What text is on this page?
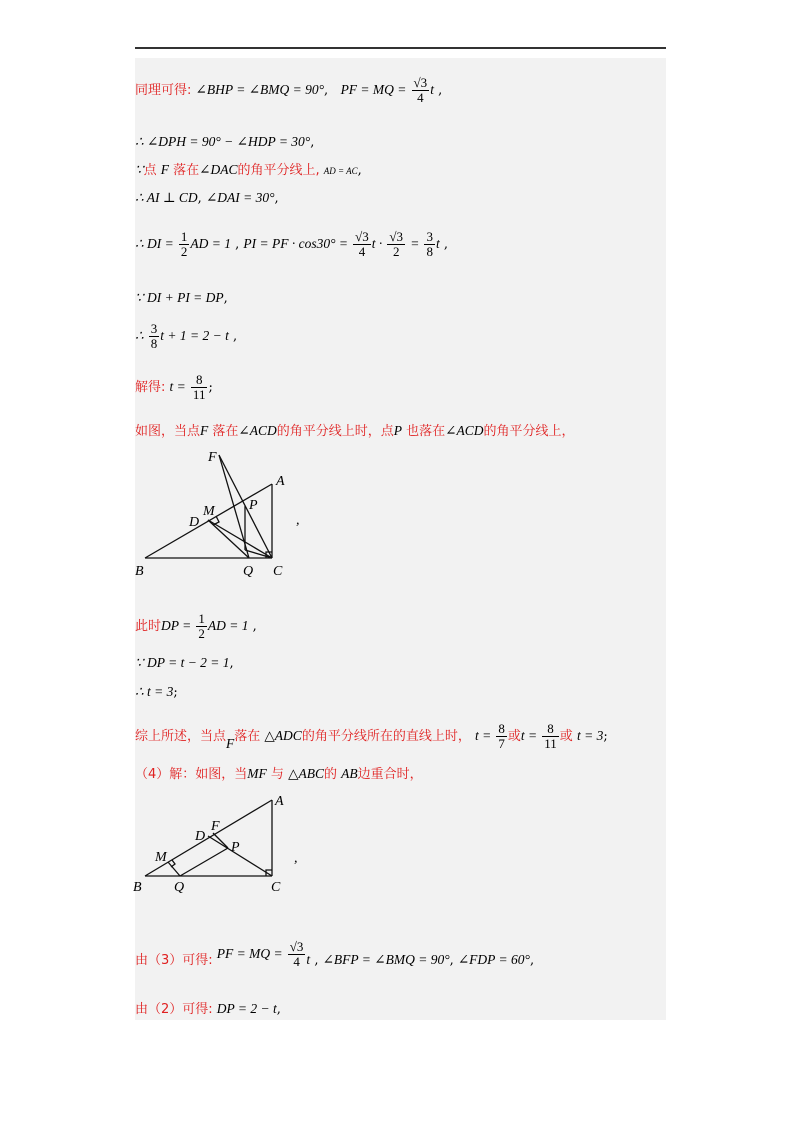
同理可得: ∠BHP = ∠BMQ = 90°, PF = MQ = $\frac{√3}{4}$ t ,
∴ ∠DPH = 90° − ∠HDP = 30°,
∵点 F 落在∠DAC的角平分线上, AD = AC,
∴ AI ⊥ CD, ∠DAI = 30°,
∴ DI = $\frac{1}{2}$ AD = 1 , PI = PF · $\cos 30^\circ = \frac{√3}{4}$ $t \cdot \frac{√3}{2} = \frac{3}{8}$ t ,
∵ DI + PI = DP,
∴ $\frac{3}{8}$ t + 1 = 2 − t ,
解得: $t = \frac{8}{11}$ ;
如图，当点F 落在∠ACD的角平分线上时，点P 也落在∠ACD的角平分线上，
F
A
M P
D
B	Q C
,
此时DP = $\frac{1}{2}$ AD = 1 ,
∵ DP = t − 2 = 1,
∴ t = 3;
综上所述，当点F落在 △ADC的角平分线所在的直线上时， $t = \frac{8}{7}$ 或$t = \frac{8}{11}$ 或 t = 3;
（4）解：如图，当MF 与 △ABC的 AB边重合时，
A
F
D
P
M
B Q	C
,
由（3）可得: PF = MQ = $\frac{√3}{4}$ t , ∠BFP = ∠BMQ = 90°, ∠FDP = 60°,
由（2）可得: DP = 2 − t,
